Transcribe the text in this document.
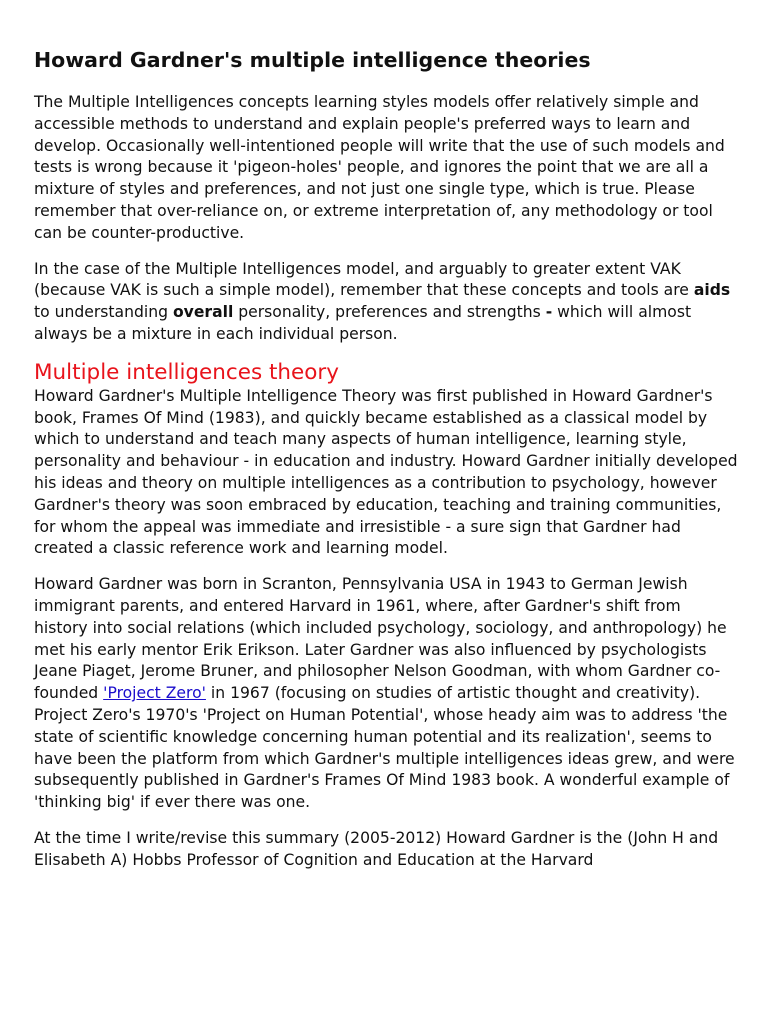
Howard Gardner's multiple intelligence theories

The Multiple Intelligences concepts learning styles models offer relatively simple and accessible methods to understand and explain people's preferred ways to learn and develop. Occasionally well-intentioned people will write that the use of such models and tests is wrong because it 'pigeon-holes' people, and ignores the point that we are all a mixture of styles and preferences, and not just one single type, which is true. Please remember that over-reliance on, or extreme interpretation of, any methodology or tool can be counter-productive.

In the case of the Multiple Intelligences model, and arguably to greater extent VAK (because VAK is such a simple model), remember that these concepts and tools are aids to understanding overall personality, preferences and strengths - which will almost always be a mixture in each individual person.

Multiple intelligences theory

Howard Gardner's Multiple Intelligence Theory was first published in Howard Gardner's book, Frames Of Mind (1983), and quickly became established as a classical model by which to understand and teach many aspects of human intelligence, learning style, personality and behaviour - in education and industry. Howard Gardner initially developed his ideas and theory on multiple intelligences as a contribution to psychology, however Gardner's theory was soon embraced by education, teaching and training communities, for whom the appeal was immediate and irresistible - a sure sign that Gardner had created a classic reference work and learning model.

Howard Gardner was born in Scranton, Pennsylvania USA in 1943 to German Jewish immigrant parents, and entered Harvard in 1961, where, after Gardner's shift from history into social relations (which included psychology, sociology, and anthropology) he met his early mentor Erik Erikson. Later Gardner was also influenced by psychologists Jeane Piaget, Jerome Bruner, and philosopher Nelson Goodman, with whom Gardner co-founded 'Project Zero' in 1967 (focusing on studies of artistic thought and creativity). Project Zero's 1970's 'Project on Human Potential', whose heady aim was to address 'the state of scientific knowledge concerning human potential and its realization', seems to have been the platform from which Gardner's multiple intelligences ideas grew, and were subsequently published in Gardner's Frames Of Mind 1983 book. A wonderful example of 'thinking big' if ever there was one.

At the time I write/revise this summary (2005-2012) Howard Gardner is the (John H and Elisabeth A) Hobbs Professor of Cognition and Education at the Harvard
